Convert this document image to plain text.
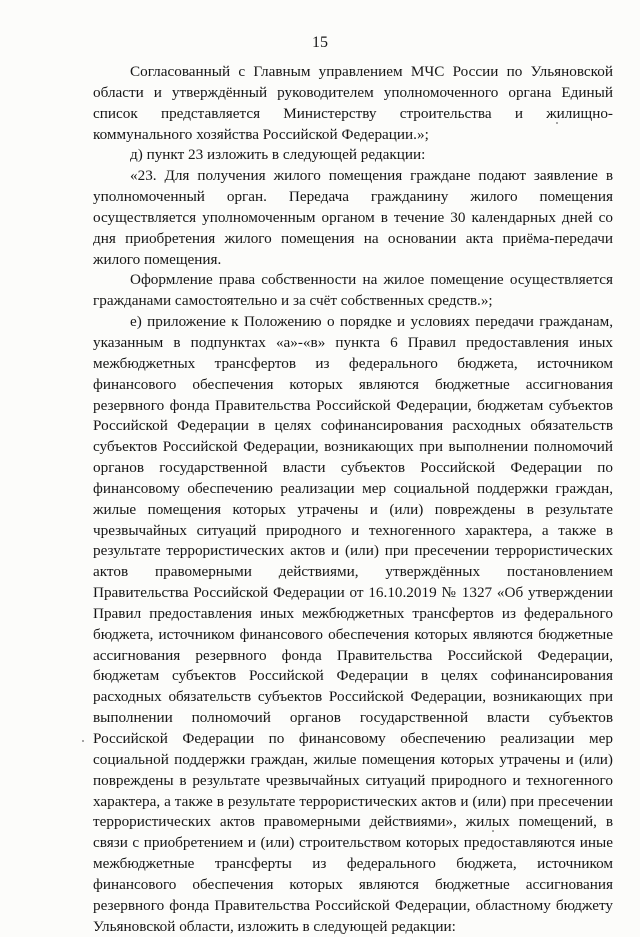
15

Согласованный с Главным управлением МЧС России по Ульяновской области и утверждённый руководителем уполномоченного органа Единый список представляется Министерству строительства и жилищно-коммунального хозяйства Российской Федерации.»;

д) пункт 23 изложить в следующей редакции:

«23. Для получения жилого помещения граждане подают заявление в уполномоченный орган. Передача гражданину жилого помещения осуществляется уполномоченным органом в течение 30 календарных дней со дня приобретения жилого помещения на основании акта приёма-передачи жилого помещения.

Оформление права собственности на жилое помещение осуществляется гражданами самостоятельно и за счёт собственных средств.»;

е) приложение к Положению о порядке и условиях передачи гражданам, указанным в подпунктах «а»-«в» пункта 6 Правил предоставления иных межбюджетных трансфертов из федерального бюджета, источником финансового обеспечения которых являются бюджетные ассигнования резервного фонда Правительства Российской Федерации, бюджетам субъектов Российской Федерации в целях софинансирования расходных обязательств субъектов Российской Федерации, возникающих при выполнении полномочий органов государственной власти субъектов Российской Федерации по финансовому обеспечению реализации мер социальной поддержки граждан, жилые помещения которых утрачены и (или) повреждены в результате чрезвычайных ситуаций природного и техногенного характера, а также в результате террористических актов и (или) при пресечении террористических актов правомерными действиями, утверждённых постановлением Правительства Российской Федерации от 16.10.2019 № 1327 «Об утверждении Правил предоставления иных межбюджетных трансфертов из федерального бюджета, источником финансового обеспечения которых являются бюджетные ассигнования резервного фонда Правительства Российской Федерации, бюджетам субъектов Российской Федерации в целях софинансирования расходных обязательств субъектов Российской Федерации, возникающих при выполнении полномочий органов государственной власти субъектов Российской Федерации по финансовому обеспечению реализации мер социальной поддержки граждан, жилые помещения которых утрачены и (или) повреждены в результате чрезвычайных ситуаций природного и техногенного характера, а также в результате террористических актов и (или) при пресечении террористических актов правомерными действиями», жилых помещений, в связи с приобретением и (или) строительством которых предоставляются иные межбюджетные трансферты из федерального бюджета, источником финансового обеспечения которых являются бюджетные ассигнования резервного фонда Правительства Российской Федерации, областному бюджету Ульяновской области, изложить в следующей редакции:
